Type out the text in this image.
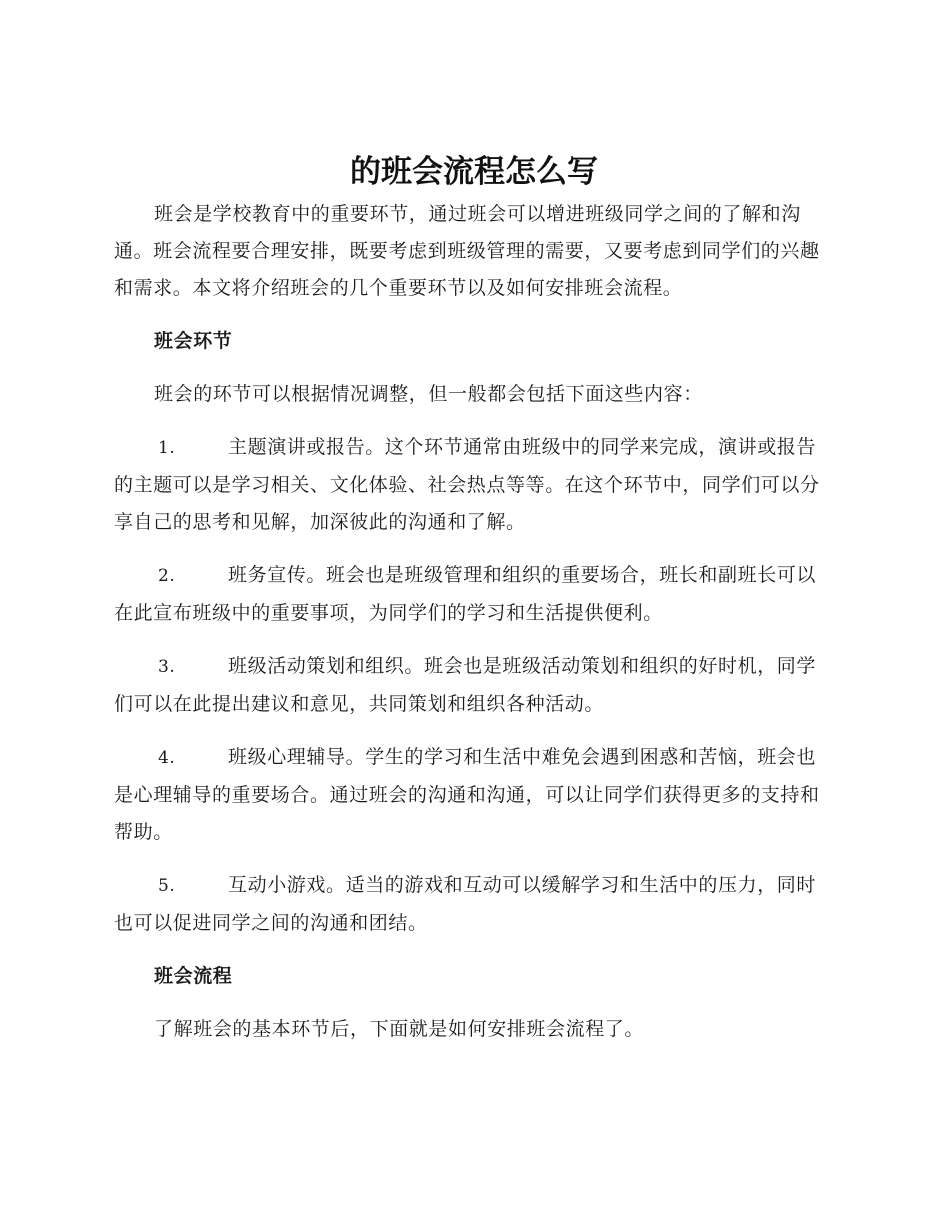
的班会流程怎么写

班会是学校教育中的重要环节，通过班会可以增进班级同学之间的了解和沟通。班会流程要合理安排，既要考虑到班级管理的需要，又要考虑到同学们的兴趣和需求。本文将介绍班会的几个重要环节以及如何安排班会流程。

班会环节

班会的环节可以根据情况调整，但一般都会包括下面这些内容：

1.	主题演讲或报告。这个环节通常由班级中的同学来完成，演讲或报告的主题可以是学习相关、文化体验、社会热点等等。在这个环节中，同学们可以分享自己的思考和见解，加深彼此的沟通和了解。

2.	班务宣传。班会也是班级管理和组织的重要场合，班长和副班长可以在此宣布班级中的重要事项，为同学们的学习和生活提供便利。

3.	班级活动策划和组织。班会也是班级活动策划和组织的好时机，同学们可以在此提出建议和意见，共同策划和组织各种活动。

4.	班级心理辅导。学生的学习和生活中难免会遇到困惑和苦恼，班会也是心理辅导的重要场合。通过班会的沟通和沟通，可以让同学们获得更多的支持和帮助。

5.	互动小游戏。适当的游戏和互动可以缓解学习和生活中的压力，同时也可以促进同学之间的沟通和团结。

班会流程

了解班会的基本环节后，下面就是如何安排班会流程了。
